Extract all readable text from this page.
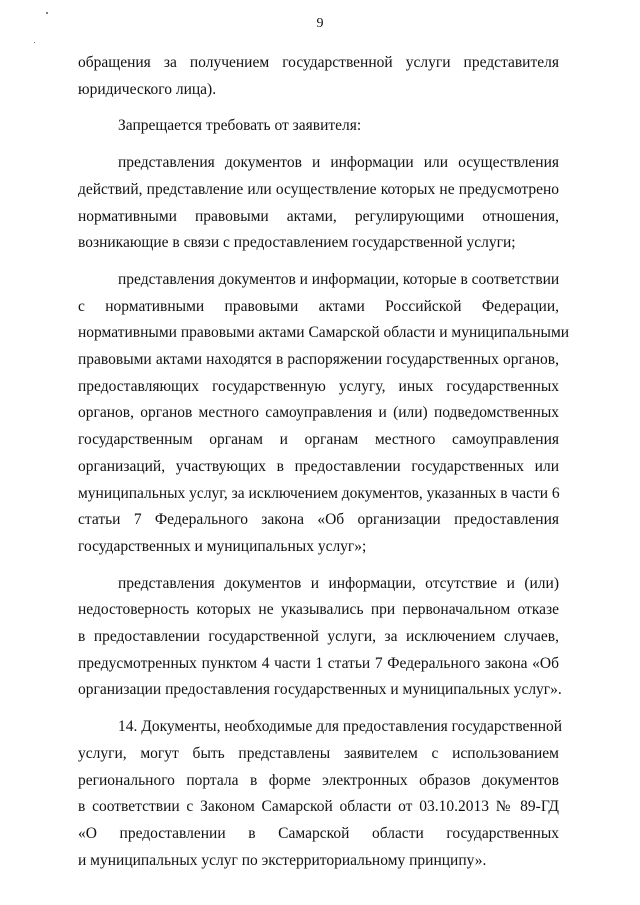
9

обращения за получением государственной услуги представителя
юридического лица).

Запрещается требовать от заявителя:

представления документов и информации или осуществления
действий, представление или осуществление которых не предусмотрено
нормативными правовыми актами, регулирующими отношения,
возникающие в связи с предоставлением государственной услуги;

представления документов и информации, которые в соответствии
с нормативными правовыми актами Российской Федерации,
нормативными правовыми актами Самарской области и муниципальными
правовыми актами находятся в распоряжении государственных органов,
предоставляющих государственную услугу, иных государственных
органов, органов местного самоуправления и (или) подведомственных
государственным органам и органам местного самоуправления
организаций, участвующих в предоставлении государственных или
муниципальных услуг, за исключением документов, указанных в части 6
статьи 7 Федерального закона «Об организации предоставления
государственных и муниципальных услуг»;

представления документов и информации, отсутствие и (или)
недостоверность которых не указывались при первоначальном отказе
в предоставлении государственной услуги, за исключением случаев,
предусмотренных пунктом 4 части 1 статьи 7 Федерального закона «Об
организации предоставления государственных и муниципальных услуг».

14. Документы, необходимые для предоставления государственной
услуги, могут быть представлены заявителем с использованием
регионального портала в форме электронных образов документов
в соответствии с Законом Самарской области от 03.10.2013 № 89-ГД
«О предоставлении в Самарской области государственных
и муниципальных услуг по экстерриториальному принципу».
